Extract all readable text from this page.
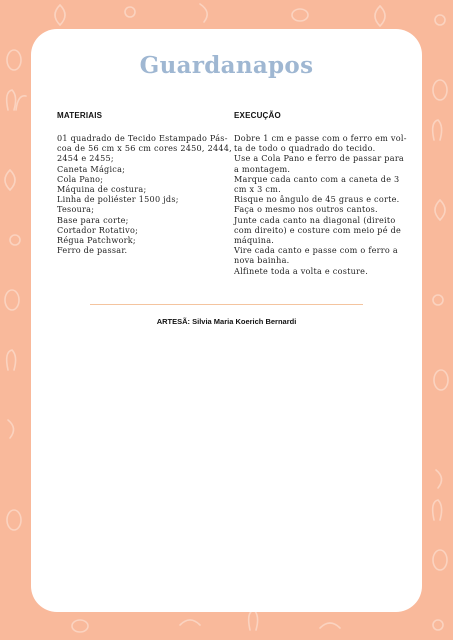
Guardanapos
MATERIAIS	EXECUÇÃO
01 quadrado de Tecido Estampado Pás-
coa de 56 cm x 56 cm cores 2450, 2444,
2454 e 2455;
Caneta Mágica;
Cola Pano;
Máquina de costura;
Linha de poliéster 1500 jds;
Tesoura;
Base para corte;
Cortador Rotativo;
Régua Patchwork;
Ferro de passar.
Dobre 1 cm e passe com o ferro em vol-
ta de todo o quadrado do tecido.
Use a Cola Pano e ferro de passar para
a montagem.
Marque cada canto com a caneta de 3
cm x 3 cm.
Risque no ângulo de 45 graus e corte.
Faça o mesmo nos outros cantos.
Junte cada canto na diagonal (direito
com direito) e costure com meio pé de
máquina.
Vire cada canto e passe com o ferro a
nova bainha.
Alfinete toda a volta e costure.
ARTESÃ: Silvia Maria Koerich Bernardi
